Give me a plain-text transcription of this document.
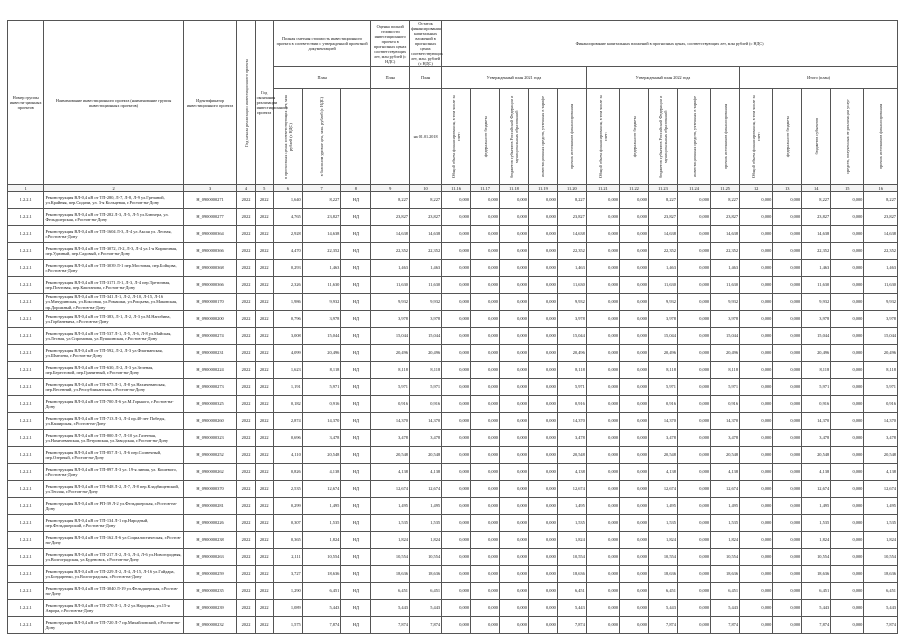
Номер группы инвести-ционных проектов	Наименование инвестиционного проекта (наименование группы инвестиционных проектов)	Идентификатор инвестиционного проекта	Год начала реализации инвестиционного проекта	Год окончания реализации инвестиционного проекта	Полная сметная стоимость инвестиционного проекта в соответствии с утвержденной проектной документацией			Оценка полной стоимости инвестиционного проекта в прогнозных ценах соответствующих лет, млн рублей (с НДС)	Остаток финансирования капитальных вложений в прогнозных ценах соответствующих лет, млн. рублей (с НДС)	Финансирование капитальных вложений в прогнозных ценах, соответствующих лет, млн рублей (с НДС)														
					План			План	План	Утвержденный план 2021 года					Утвержденный план 2022 года					Итого (план)				

					в прогнозных ценах соответствующих лет, млн рублей (с НДС)	в базисном уровне цен, млн. рублей (с НДС)			на 01.01.2018	Общий объем финансирования, в том числе за счет:	федерального бюджета	бюджетов субъектов Российской Федерации и муниципальных образований	инвестиционных средств, учтенных в тарифе	прочих источников финансирования	Общий объем финансирования, в том числе за счет:	федерального бюджета	бюджетов субъектов Российской Федерации и муниципальных образований	инвестиционных средств, учтенных в тарифе	прочих источников финансирования	Общий объем финансирования, в том числе за счет:	федерального бюджета	бюджетов субъектов	средств, полученных от реализации услуг	прочих источников финансирования

1	2	3	4	5	6	7	8	9	10	11.16	11.17	11.18	11.19	11.20	11.21	11.22	11.23	11.24	11.25	12	13	14	15	16
1.2.2.1	Реконструкция ВЛ-0,4 кВ от ТП-280, Л-7, Л-8, Л-9 ул.Гречаной, ул.Крайняя, пер.Сидачи, ул. 3-я Кольцевая, г.Ростов-на-Дону	H_0900000271	2022	2022	1,640	8,227	НД	8,227	8,227	0,000	0,000	0,000	0,000	8,227	0,000	0,000	8,227	0,000	8,227	0,000	0,000	8,227	0,000	8,227
1.2.2.1	Реконструкция ВЛ-0,4 кВ от ТП-282 Л-3, Л-5, Л-5 ул.Блюхера, ул. Фельдшерская, г.Ростов-на-Дону	H_0900000277	2022	2022	4,765	23,827	НД	23,827	23,827	0,000	0,000	0,000	0,000	23,827	0,000	0,000	23,827	0,000	23,827	0,000	0,000	23,827	0,000	23,827
1.2.2.1	Реконструкция ВЛ-0,4 кВ от ТП-1604 Л-3, Л-4 ул.Аксая ул. Лесная, г.Ростов-на-Дону	H_0900000364	2022	2022	2,928	14,638	НД	14,638	14,638	0,000	0,000	0,000	0,000	14,638	0,000	0,000	14,638	0,000	14,638	0,000	0,000	14,638	0,000	14,638
1.2.2.1	Реконструкция ВЛ-0,4 кВ от ТП-3072, Л-2, Л-3, Л-4 ул.1-я Кирпичная, пер.Удачный, пер.Садовый, г.Ростов-на-Дону	H_0900000366	2022	2022	4,470	22,352	НД	22,352	22,352	0,000	0,000	0,000	0,000	22,352	0,000	0,000	22,352	0,000	22,352	0,000	0,000	22,352	0,000	22,352
1.2.2.1	Реконструкция ВЛ-0,4 кВ от ТП-3039 Л-1 пер.Мостовая, пер.Бойцова, г.Ростов-на-Дону	H_0900000368	2022	2022	0,293	1,463	НД	1,463	1,463	0,000	0,000	0,000	0,000	1,463	0,000	0,000	1,463	0,000	1,463	0,000	0,000	1,463	0,000	1,463
1.2.2.1	Реконструкция ВЛ-0,4 кВ от ТП-3171 Л-1, Л-3, Л-4 пер.Третичная, пер.Почтовая, пер.Каштанова, г.Ростов-на-Дону	H_0900000366	2022	2022	2,326	11,630	НД	11,630	11,630	0,000	0,000	0,000	0,000	11,630	0,000	0,000	11,630	0,000	11,630	0,000	0,000	11,630	0,000	11,630
1.2.2.1	Реконструкция ВЛ-0,4 кВ от ТП-341 Л-1, Л-2, Л-10, Л-15, Л-16 ул.Мичуринская, ул.Коксовая, ул.Ромашки, ул.Рощьева, ул.Маковская, пр.Дорожный, г.Ростов-на-Дону	H_0900000170	2022	2022	1,986	9,932	НД	9,932	9,932	0,000	0,000	0,000	0,000	9,932	0,000	0,000	9,932	0,000	9,932	0,000	0,000	9,932	0,000	9,932
1.2.2.1	Реконструкция ВЛ-0,4 кВ от ТП-383, Л-1, Л-2, Л-3 ул.М.Нагибина, ул.Горбаневича, г.Ростов-на-Дону	H_0900000200	2022	2022	0,796	3,978	НД	3,978	3,978	0,000	0,000	0,000	0,000	3,978	0,000	0,000	3,978	0,000	3,978	0,000	0,000	3,978	0,000	3,978
1.2.2.1	Реконструкция ВЛ-0,4 кВ от ТП-537 Л-1, Л-5, Л-6, Л-8 ул.Майская, ул.Лесная, ул.Спромовая, ул.Пушкинская, г.Ростов-на-Дону	H_0900000274	2022	2022	3,008	15,044	НД	15,044	15,044	0,000	0,000	0,000	0,000	15,044	0,000	0,000	15,044	0,000	15,044	0,000	0,000	15,044	0,000	15,044
1.2.2.1	Реконструкция ВЛ-0,4 кВ от ТП-592, Л-2, Л-3 ул.Флагманская, ул.Шмелева, г.Ростов-на-Дону	H_0900000231	2022	2022	4,099	20,496	НД	20,496	20,496	0,000	0,000	0,000	0,000	20,496	0,000	0,000	20,496	0,000	20,496	0,000	0,000	20,496	0,000	20,496
1.2.2.1	Реконструкция ВЛ-0,4 кВ от ТП-630, Л-2, Л-3 ул.Зеленая, пер.Берестовой, пер.Гранитный, г.Ростов-на-Дону	H_0900000224	2022	2022	1,623	8,118	НД	8,118	8,118	0,000	0,000	0,000	0,000	8,118	0,000	0,000	8,118	0,000	8,118	0,000	0,000	8,118	0,000	8,118
1.2.2.1	Реконструкция ВЛ-0,4 кВ от ТП-675 Л-1, Л-8 ул.Нахичеванская, пер.Весенний, ул.Республиканская, г.Ростов-на-Дону	H_0900000273	2022	2022	1,191	5,971	НД	5,971	5,971	0,000	0,000	0,000	0,000	5,971	0,000	0,000	5,971	0,000	5,971	0,000	0,000	5,971	0,000	5,971
1.2.2.1	Реконструкция ВЛ-0,4 кВ от ТП-700 Л-6 ул.М.Горького, г.Ростов-на-Дону	H_0900000325	2022	2022	0,182	0,916	НД	0,916	0,916	0,000	0,000	0,000	0,000	0,916	0,000	0,000	0,916	0,000	0,916	0,000	0,000	0,916	0,000	0,916
1.2.2.1	Реконструкция ВЛ-0,4 кВ от ТП-713 Л-3, Л-4 пр.40-лет Победы, ул.Каширская, г.Ростов-на-Дону	H_0900000260	2022	2022	2,874	14,370	НД	14,370	14,370	0,000	0,000	0,000	0,000	14,370	0,000	0,000	14,370	0,000	14,370	0,000	0,000	14,370	0,000	14,370
1.2.2.1	Реконструкция ВЛ-0,4 кВ от ТП-800 Л-7, Л-10 ул.Газетная, ул.Нахичеванская, ул.Петровская, ул.Заводская, г.Ростов-на-Дону	H_0900000323	2022	2022	0,696	3,478	НД	3,478	3,478	0,000	0,000	0,000	0,000	3,478	0,000	0,000	3,478	0,000	3,478	0,000	0,000	3,478	0,000	3,478
1.2.2.1	Реконструкция ВЛ-0,4 кВ от ТП-857 Л-1, Л-6 пер.Солнечный, пер.Озерный, г.Ростов-на-Дону	H_0900000252	2022	2022	4,110	20,548	НД	20,548	20,548	0,000	0,000	0,000	0,000	20,548	0,000	0,000	20,548	0,000	20,548	0,000	0,000	20,548	0,000	20,548
1.2.2.1	Реконструкция ВЛ-0,4 кВ от ТП-897 Л-3 ул. 19-я линия, ул. Кошевого, г.Ростов-на-Дону	H_0900000262	2022	2022	0,826	4,138	НД	4,138	4,138	0,000	0,000	0,000	0,000	4,138	0,000	0,000	4,138	0,000	4,138	0,000	0,000	4,138	0,000	4,138
1.2.2.1	Реконструкция ВЛ-0,4 кВ от ТП-948 Л-2, Л-7, Л-8 пер.Кладбищенский, ул.Теплая, г.Ростов-на-Дону	H_0900000370	2022	2022	2,535	12,674	НД	12,674	12,674	0,000	0,000	0,000	0,000	12,674	0,000	0,000	12,674	0,000	12,674	0,000	0,000	12,674	0,000	12,674
1.2.2.1	Реконструкция ВЛ-0,4 кВ от РП-39 Л-2 ул.Фельдшерская, г.Ростов-на-Дону	H_0900000281	2022	2022	0,299	1,495	НД	1,495	1,495	0,000	0,000	0,000	0,000	1,495	0,000	0,000	1,495	0,000	1,495	0,000	0,000	1,495	0,000	1,495
1.2.2.1	Реконструкция ВЛ-0,4 кВ от ТП-134 Л-1 пр.Народный, пер.Фельдшерский, г.Ростов-на-Дону	H_0900000226	2022	2022	0,307	1,535	НД	1,535	1,535	0,000	0,000	0,000	0,000	1,535	0,000	0,000	1,535	0,000	1,535	0,000	0,000	1,535	0,000	1,535
1.2.2.1	Реконструкция ВЛ-0,4 кВ от ТП-162 Л-6 ул.Социалистическая, г.Ростов-на-Дону	H_0900000238	2022	2022	0,365	1,824	НД	1,824	1,824	0,000	0,000	0,000	0,000	1,824	0,000	0,000	1,824	0,000	1,824	0,000	0,000	1,824	0,000	1,824
1.2.2.1	Реконструкция ВЛ-0,4 кВ от ТП-217 Л-2, Л-3, Л-4, Л-6 ул.Новогородняя, ул.Волгоградская, ул.Буденовск, г.Ростов-на-Дону	H_0900000263	2022	2022	2,111	10,554	НД	10,554	10,554	0,000	0,000	0,000	0,000	10,554	0,000	0,000	10,554	0,000	10,554	0,000	0,000	10,554	0,000	10,554
1.2.2.1	Реконструкция ВЛ-0,4 кВ от ТП-229 Л-2, Л-4, Л-15, Л-16 ул.Гайдара, ул.Бондаренко, ул.Волгоградская, г.Ростов-на-Дону	H_0900000259	2022	2022	3,727	18,636	НД	18,636	18,636	0,000	0,000	0,000	0,000	18,636	0,000	0,000	18,636	0,000	18,636	0,000	0,000	18,636	0,000	18,636
1.2.2.1	Реконструкция ВЛ-0,4 кВ от ТП-3040 Л-19 ул.Фельдшерская, г.Ростов-на-Дону	H_0900000235	2022	2022	1,290	6,451	НД	6,451	6,451	0,000	0,000	0,000	0,000	6,451	0,000	0,000	6,451	0,000	6,451	0,000	0,000	6,451	0,000	6,451
1.2.2.1	Реконструкция ВЛ-0,4 кВ от ТП-270 Л-1, Л-2 ул.Народная, ул.15-я Аврора, г.Ростов-на-Дону	H_0900000239	2022	2022	1,089	5,443	НД	5,443	5,443	0,000	0,000	0,000	0,000	5,443	0,000	0,000	5,443	0,000	5,443	0,000	0,000	5,443	0,000	5,443
1.2.2.1	Реконструкция ВЛ-0,4 кВ от ТП-720 Л-7 пр.Михайловский, г.Ростов-на-Дону	H_0900000232	2022	2022	1,575	7,874	НД	7,874	7,874	0,000	0,000	0,000	0,000	7,874	0,000	0,000	7,874	0,000	7,874	0,000	0,000	7,874	0,000	7,874
